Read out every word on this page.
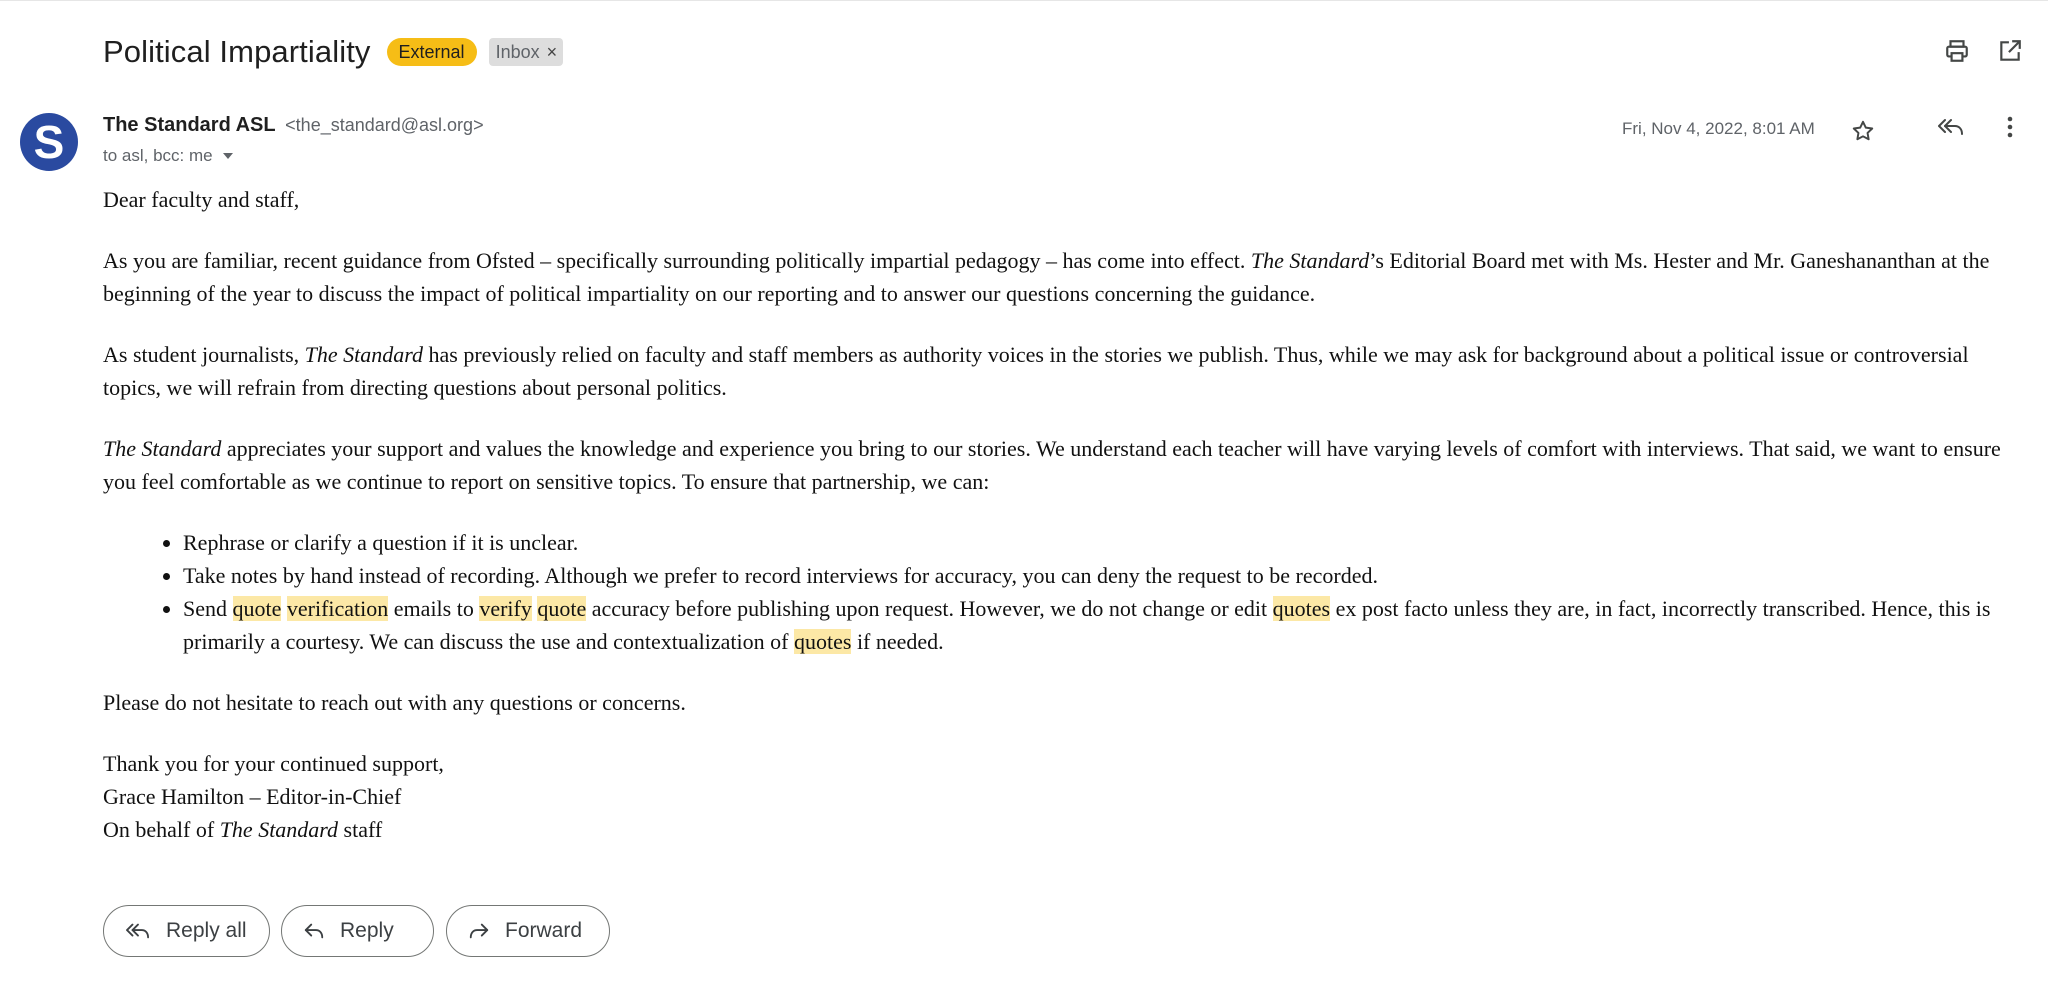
Political Impartiality	External	Inbox ×
S	The Standard ASL <the_standard@asl.org>
to asl, bcc: me
Fri, Nov 4, 2022, 8:01 AM

Dear faculty and staff,

As you are familiar, recent guidance from Ofsted – specifically surrounding politically impartial pedagogy – has come into effect. The Standard’s Editorial Board met with Ms. Hester and Mr. Ganeshananthan at the beginning of the year to discuss the impact of political impartiality on our reporting and to answer our questions concerning the guidance.

As student journalists, The Standard has previously relied on faculty and staff members as authority voices in the stories we publish. Thus, while we may ask for background about a political issue or controversial topics, we will refrain from directing questions about personal politics.

The Standard appreciates your support and values the knowledge and experience you bring to our stories. We understand each teacher will have varying levels of comfort with interviews. That said, we want to ensure you feel comfortable as we continue to report on sensitive topics. To ensure that partnership, we can:

• Rephrase or clarify a question if it is unclear.
• Take notes by hand instead of recording. Although we prefer to record interviews for accuracy, you can deny the request to be recorded.
• Send quote verification emails to verify quote accuracy before publishing upon request. However, we do not change or edit quotes ex post facto unless they are, in fact, incorrectly transcribed. Hence, this is primarily a courtesy. We can discuss the use and contextualization of quotes if needed.

Please do not hesitate to reach out with any questions or concerns.

Thank you for your continued support,
Grace Hamilton – Editor-in-Chief
On behalf of The Standard staff
Reply all	Reply	Forward
